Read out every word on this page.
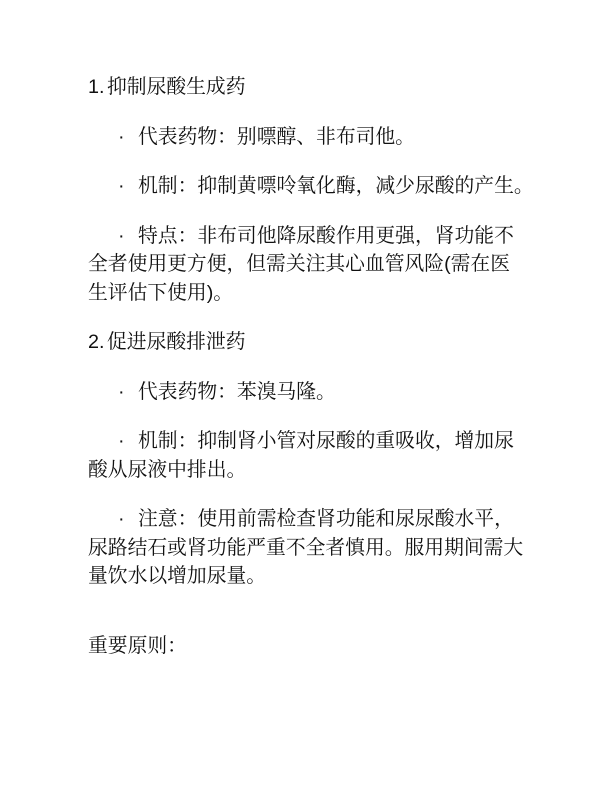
1. 抑制尿酸生成药
· 代表药物：别嘌醇、非布司他。
· 机制：抑制黄嘌呤氧化酶，减少尿酸的产生。
· 特点：非布司他降尿酸作用更强，肾功能不
全者使用更方便，但需关注其心血管风险(需在医
生评估下使用)。
2. 促进尿酸排泄药
· 代表药物：苯溴马隆。
· 机制：抑制肾小管对尿酸的重吸收，增加尿
酸从尿液中排出。
· 注意：使用前需检查肾功能和尿尿酸水平，
尿路结石或肾功能严重不全者慎用。服用期间需大
量饮水以增加尿量。
重要原则：
